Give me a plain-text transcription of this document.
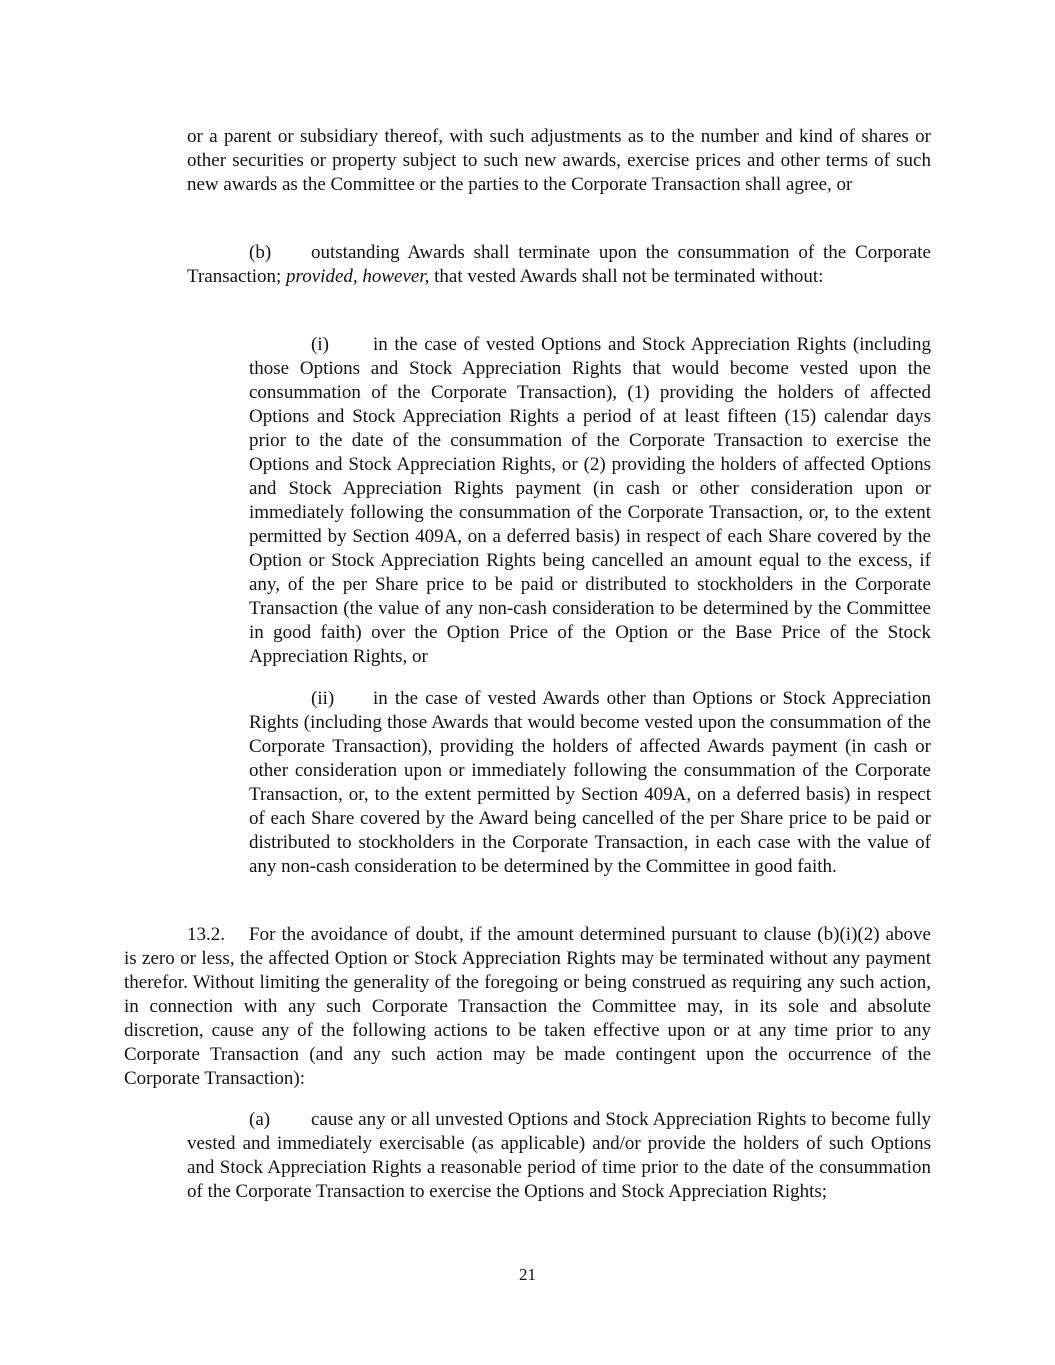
or a parent or subsidiary thereof, with such adjustments as to the number and kind of shares or other securities or property subject to such new awards, exercise prices and other terms of such new awards as the Committee or the parties to the Corporate Transaction shall agree, or

(b) outstanding Awards shall terminate upon the consummation of the Corporate Transaction; provided, however, that vested Awards shall not be terminated without:

(i) in the case of vested Options and Stock Appreciation Rights (including those Options and Stock Appreciation Rights that would become vested upon the consummation of the Corporate Transaction), (1) providing the holders of affected Options and Stock Appreciation Rights a period of at least fifteen (15) calendar days prior to the date of the consummation of the Corporate Transaction to exercise the Options and Stock Appreciation Rights, or (2) providing the holders of affected Options and Stock Appreciation Rights payment (in cash or other consideration upon or immediately following the consummation of the Corporate Transaction, or, to the extent permitted by Section 409A, on a deferred basis) in respect of each Share covered by the Option or Stock Appreciation Rights being cancelled an amount equal to the excess, if any, of the per Share price to be paid or distributed to stockholders in the Corporate Transaction (the value of any non-cash consideration to be determined by the Committee in good faith) over the Option Price of the Option or the Base Price of the Stock Appreciation Rights, or

(ii) in the case of vested Awards other than Options or Stock Appreciation Rights (including those Awards that would become vested upon the consummation of the Corporate Transaction), providing the holders of affected Awards payment (in cash or other consideration upon or immediately following the consummation of the Corporate Transaction, or, to the extent permitted by Section 409A, on a deferred basis) in respect of each Share covered by the Award being cancelled of the per Share price to be paid or distributed to stockholders in the Corporate Transaction, in each case with the value of any non-cash consideration to be determined by the Committee in good faith.

13.2. For the avoidance of doubt, if the amount determined pursuant to clause (b)(i)(2) above is zero or less, the affected Option or Stock Appreciation Rights may be terminated without any payment therefor. Without limiting the generality of the foregoing or being construed as requiring any such action, in connection with any such Corporate Transaction the Committee may, in its sole and absolute discretion, cause any of the following actions to be taken effective upon or at any time prior to any Corporate Transaction (and any such action may be made contingent upon the occurrence of the Corporate Transaction):

(a) cause any or all unvested Options and Stock Appreciation Rights to become fully vested and immediately exercisable (as applicable) and/or provide the holders of such Options and Stock Appreciation Rights a reasonable period of time prior to the date of the consummation of the Corporate Transaction to exercise the Options and Stock Appreciation Rights;

21
